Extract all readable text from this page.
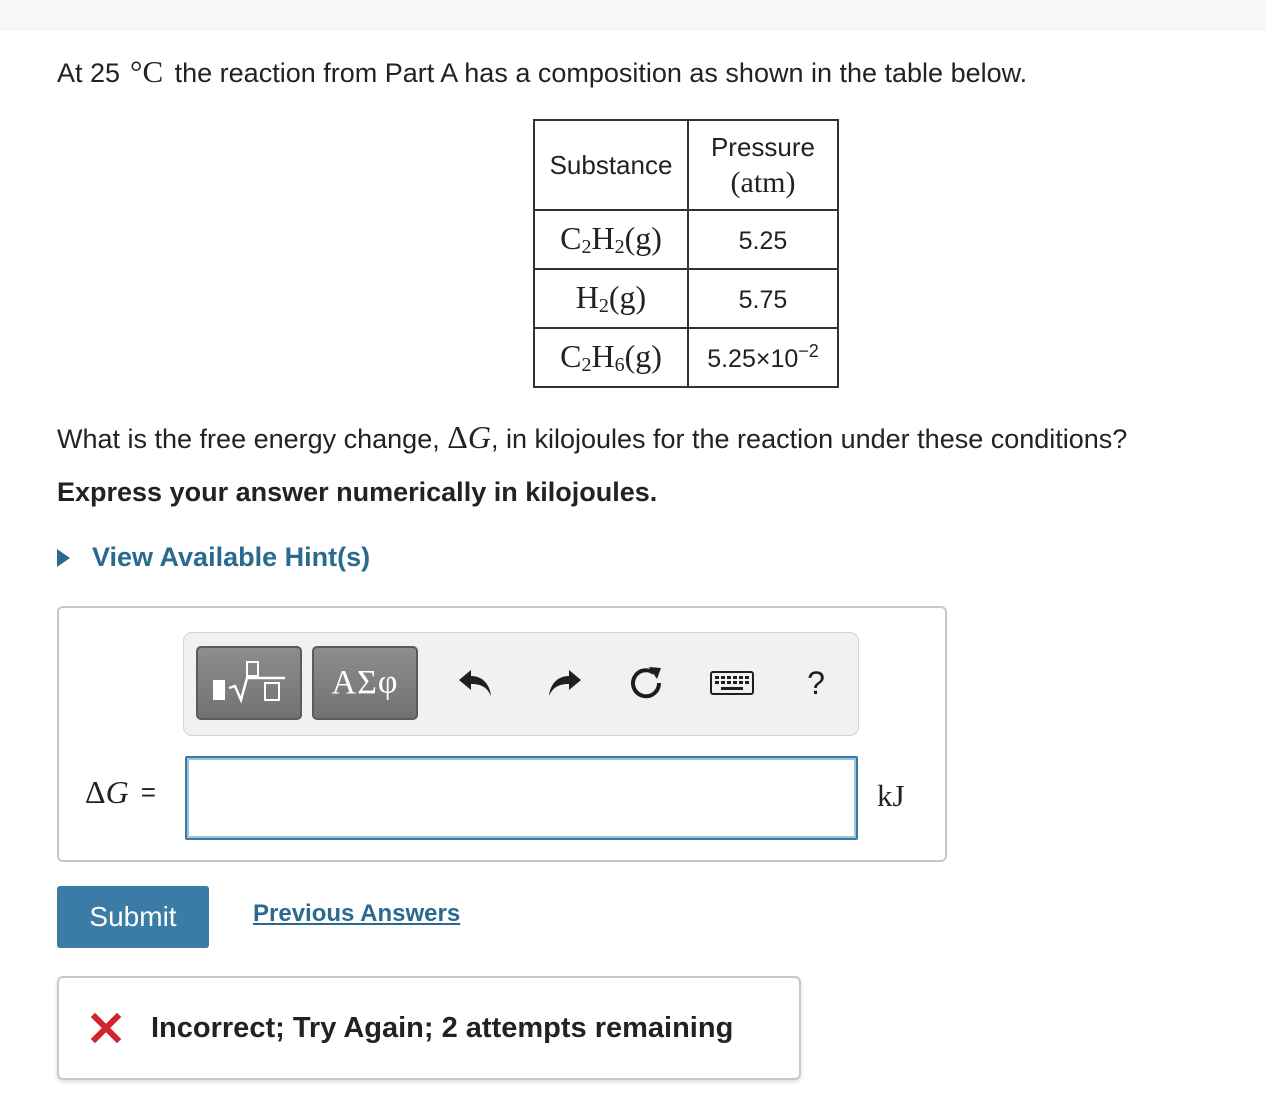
At 25 °C the reaction from Part A has a composition as shown in the table below.
Substance	Pressure
(atm)

$C_2H_2(g)$	5.25
$H_2(g)$	5.75
$C_2H_6(g)$	$5.25\times 10^{-2}$
What is the free energy change, ΔG, in kilojoules for the reaction under these conditions?
Express your answer numerically in kilojoules.
View Available Hint(s)
ΑΣφ	?
ΔG =	kJ
Submit	Previous Answers
Incorrect; Try Again; 2 attempts remaining
